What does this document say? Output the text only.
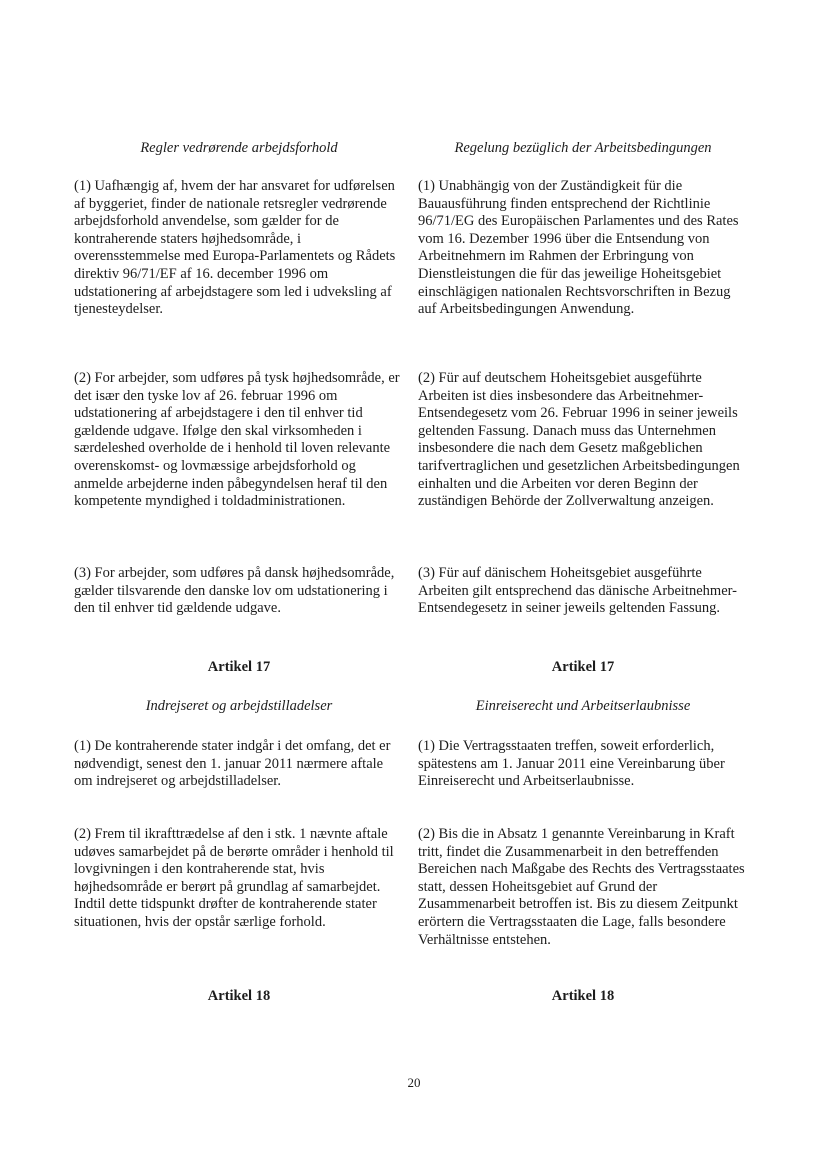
Regler vedrørende arbejdsforhold

(1) Uafhængig af, hvem der har ansvaret for udførelsen af byggeriet, finder de nationale retsregler vedrørende arbejdsforhold anvendelse, som gælder for de kontraherende staters højhedsområde, i overensstemmelse med Europa-Parlamentets og Rådets direktiv 96/71/EF af 16. december 1996 om udstationering af arbejdstagere som led i udveksling af tjenesteydelser.

(2) For arbejder, som udføres på tysk højhedsområde, er det især den tyske lov af 26. februar 1996 om udstationering af arbejdstagere i den til enhver tid gældende udgave. Ifølge den skal virksomheden i særdeleshed overholde de i henhold til loven relevante overenskomst- og lovmæssige arbejdsforhold og anmelde arbejderne inden påbegyndelsen heraf til den kompetente myndighed i toldadministrationen.

(3) For arbejder, som udføres på dansk højhedsområde, gælder tilsvarende den danske lov om udstationering i den til enhver tid gældende udgave.

Artikel 17

Indrejseret og arbejdstilladelser

(1) De kontraherende stater indgår i det omfang, det er nødvendigt, senest den 1. januar 2011 nærmere aftale om indrejseret og arbejdstilladelser.

(2) Frem til ikrafttrædelse af den i stk. 1 nævnte aftale udøves samarbejdet på de berørte områder i henhold til lovgivningen i den kontraherende stat, hvis højhedsområde er berørt på grundlag af samarbejdet. Indtil dette tidspunkt drøfter de kontraherende stater situationen, hvis der opstår særlige forhold.

Artikel 18

Regelung bezüglich der Arbeitsbedingungen

(1) Unabhängig von der Zuständigkeit für die Bauausführung finden entsprechend der Richtlinie 96/71/EG des Europäischen Parlamentes und des Rates vom 16. Dezember 1996 über die Entsendung von Arbeitnehmern im Rahmen der Erbringung von Dienstleistungen die für das jeweilige Hoheitsgebiet einschlägigen nationalen Rechtsvorschriften in Bezug auf Arbeitsbedingungen Anwendung.

(2) Für auf deutschem Hoheitsgebiet ausgeführte Arbeiten ist dies insbesondere das Arbeitnehmer-Entsendegesetz vom 26. Februar 1996 in seiner jeweils geltenden Fassung. Danach muss das Unternehmen insbesondere die nach dem Gesetz maßgeblichen tarifvertraglichen und gesetzlichen Arbeitsbedingungen einhalten und die Arbeiten vor deren Beginn der zuständigen Behörde der Zollverwaltung anzeigen.

(3) Für auf dänischem Hoheitsgebiet ausgeführte Arbeiten gilt entsprechend das dänische Arbeitnehmer-Entsendegesetz in seiner jeweils geltenden Fassung.

Artikel 17

Einreiserecht und Arbeitserlaubnisse

(1) Die Vertragsstaaten treffen, soweit erforderlich, spätestens am 1. Januar 2011 eine Vereinbarung über Einreiserecht und Arbeitserlaubnisse.

(2) Bis die in Absatz 1 genannte Vereinbarung in Kraft tritt, findet die Zusammenarbeit in den betreffenden Bereichen nach Maßgabe des Rechts des Vertragsstaates statt, dessen Hoheitsgebiet auf Grund der Zusammenarbeit betroffen ist. Bis zu diesem Zeitpunkt erörtern die Vertragsstaaten die Lage, falls besondere Verhältnisse entstehen.

Artikel 18

20
